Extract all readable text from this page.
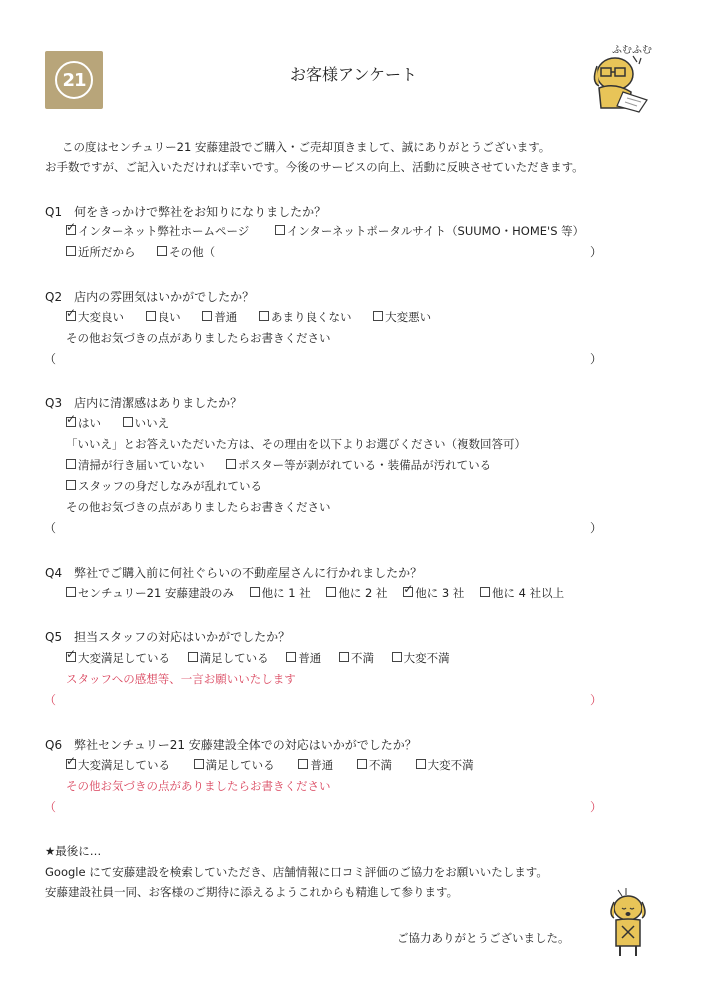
21	お客様アンケート
ふむふむ
この度はセンチュリー21 安藤建設でご購入・ご売却頂きまして、誠にありがとうございます。
お手数ですが、ご記入いただければ幸いです。今後のサービスの向上、活動に反映させていただきます。
Q1　何をきっかけで弊社をお知りになりましたか？
✓ インターネット弊社ホームページ	インターネットポータルサイト（SUUMO・HOME'S 等）
近所だから	その他（	）
Q2　店内の雰囲気はいかがでしたか？
✓ 大変良い	良い	普通	あまり良くない	大変悪い
その他お気づきの点がありましたらお書きください
（	）
Q3　店内に清潔感はありましたか？
✓ はい	いいえ
「いいえ」とお答えいただいた方は、その理由を以下よりお選びください（複数回答可）
清掃が行き届いていない	ポスター等が剥がれている・装備品が汚れている
スタッフの身だしなみが乱れている
その他お気づきの点がありましたらお書きください
（	）
Q4　弊社でご購入前に何社ぐらいの不動産屋さんに行かれましたか？
センチュリー21 安藤建設のみ 他に 1 社 他に 2 社 ✓ 他に 3 社 他に 4 社以上
Q5　担当スタッフの対応はいかがでしたか？
✓ 大変満足している	満足している	普通	不満	大変不満
スタッフへの感想等、一言お願いいたします
（	）
Q6　弊社センチュリー21 安藤建設全体での対応はいかがでしたか？
✓ 大変満足している	満足している	普通	不満	大変不満
その他お気づきの点がありましたらお書きください
（	）
★最後に…
Google にて安藤建設を検索していただき、店舗情報に口コミ評価のご協力をお願いいたします。
安藤建設社員一同、お客様のご期待に添えるようこれからも精進して参ります。
ご協力ありがとうございました。
